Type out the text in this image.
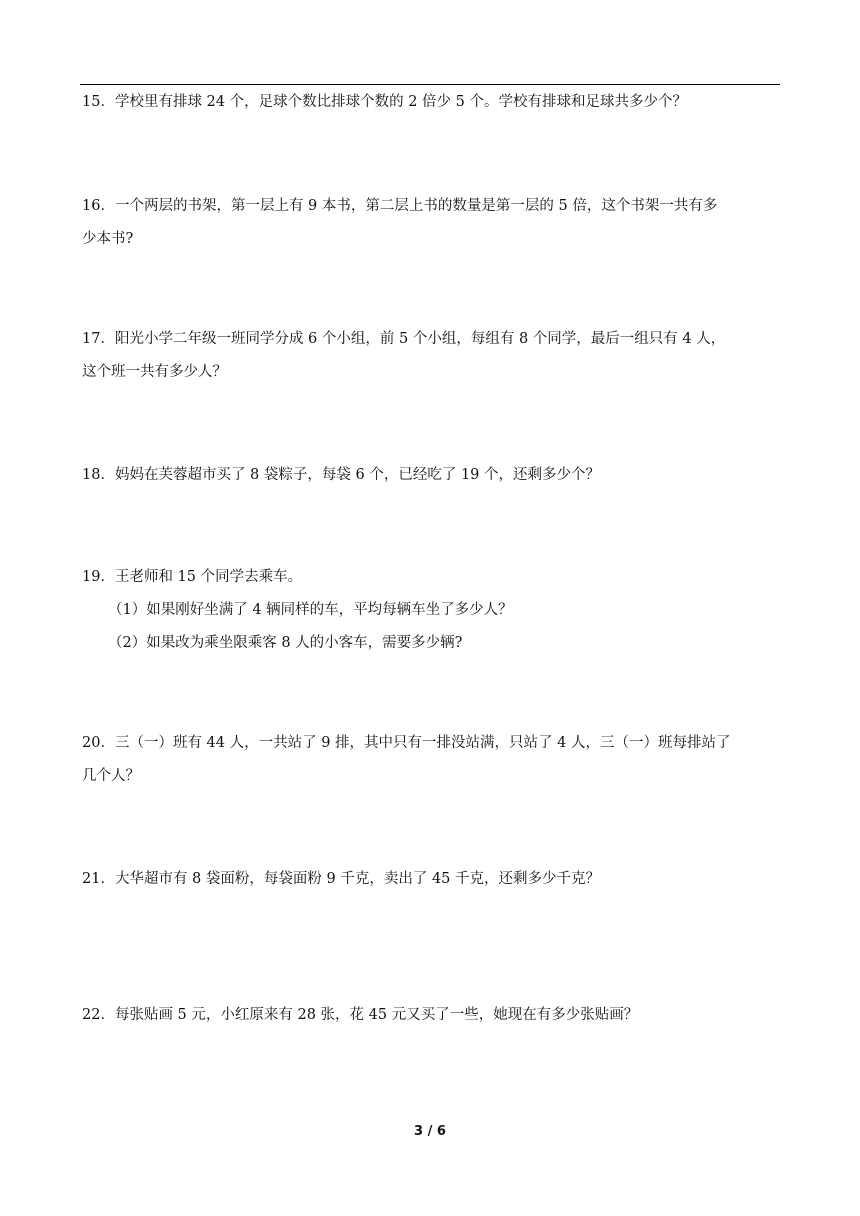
15．学校里有排球 24 个，足球个数比排球个数的 2 倍少 5 个。学校有排球和足球共多少个？
16．一个两层的书架，第一层上有 9 本书，第二层上书的数量是第一层的 5 倍，这个书架一共有多
少本书?
17．阳光小学二年级一班同学分成 6 个小组，前 5 个小组，每组有 8 个同学，最后一组只有 4 人，
这个班一共有多少人？
18．妈妈在芙蓉超市买了 8 袋粽子，每袋 6 个，已经吃了 19 个，还剩多少个？
19．王老师和 15 个同学去乘车。
（1）如果刚好坐满了 4 辆同样的车，平均每辆车坐了多少人？
（2）如果改为乘坐限乘客 8 人的小客车，需要多少辆?
20．三（一）班有 44 人，一共站了 9 排，其中只有一排没站满，只站了 4 人，三（一）班每排站了
几个人？
21．大华超市有 8 袋面粉，每袋面粉 9 千克，卖出了 45 千克，还剩多少千克？
22．每张贴画 5 元，小红原来有 28 张，花 45 元又买了一些，她现在有多少张贴画？
3 / 6
